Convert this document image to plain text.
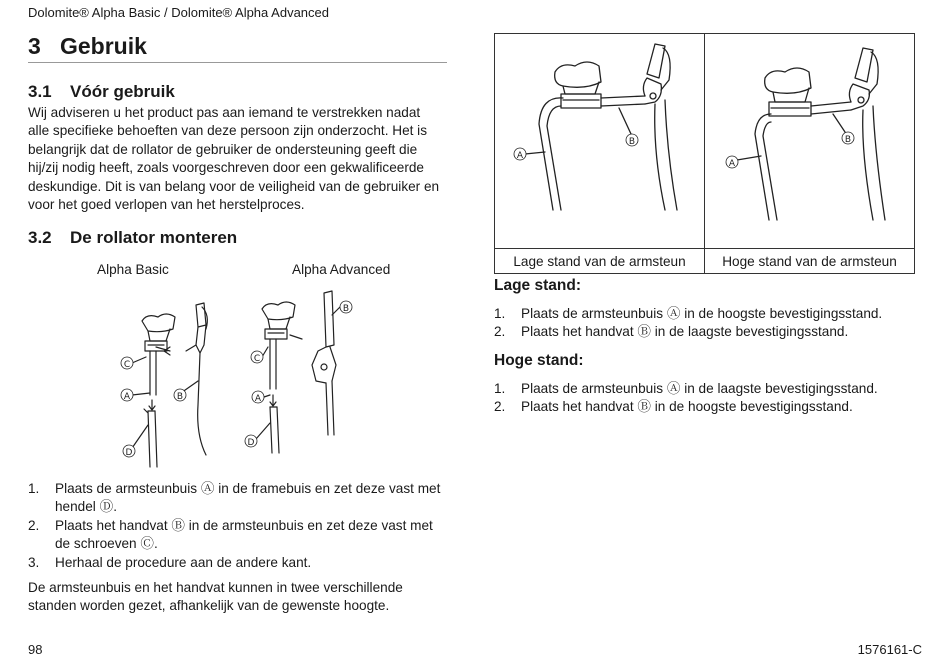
Dolomite® Alpha Basic / Dolomite® Alpha Advanced
3 Gebruik
3.1 Vóór gebruik
Wij adviseren u het product pas aan iemand te verstrekken nadat
alle specifieke behoeften van deze persoon zijn onderzocht. Het is
belangrijk dat de rollator de gebruiker de ondersteuning geeft die
hij/zij nodig heeft, zoals voorgeschreven door een gekwalificeerde
deskundige. Dit is van belang voor de veiligheid van de gebruiker en
voor het goed verlopen van het herstelproces.
3.2 De rollator monteren
Alpha Basic	Alpha Advanced
C
A	B
D
C
A
B
D
1. Plaats de armsteunbuis Ⓐ in de framebuis en zet deze vast met
hendel Ⓓ.
2. Plaats het handvat Ⓑ in de armsteunbuis en zet deze vast met
de schroeven Ⓒ.
3. Herhaal de procedure aan de andere kant.
De armsteunbuis en het handvat kunnen in twee verschillende
standen worden gezet, afhankelijk van de gewenste hoogte.
A
B	A
B

Lage stand van de armsteun	Hoge stand van de armsteun
Lage stand:
1. Plaats de armsteunbuis Ⓐ in de hoogste bevestigingsstand.
2. Plaats het handvat Ⓑ in de laagste bevestigingsstand.
Hoge stand:
1. Plaats de armsteunbuis Ⓐ in de laagste bevestigingsstand.
2. Plaats het handvat Ⓑ in de hoogste bevestigingsstand.
98	1576161-C
